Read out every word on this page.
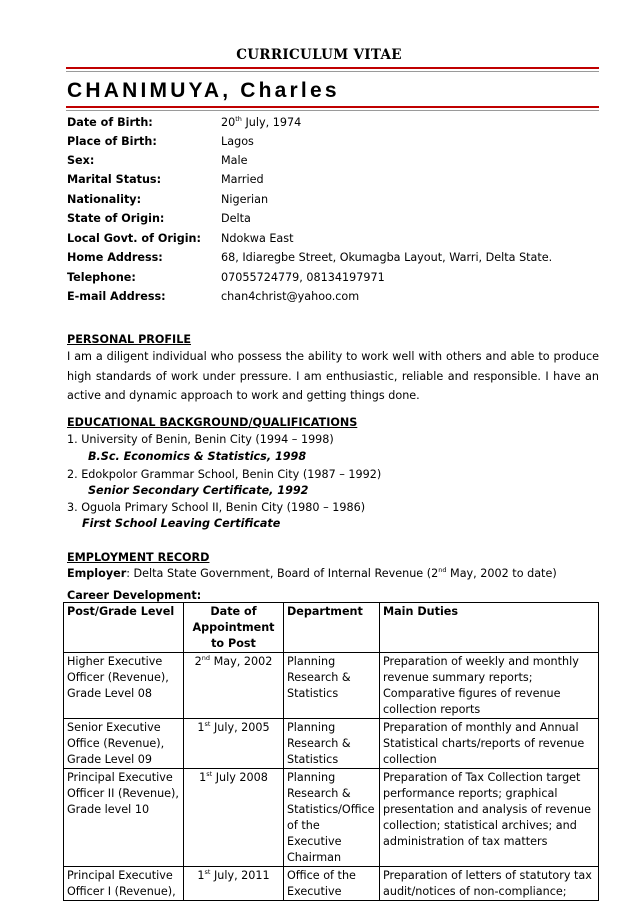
CURRICULUM VITAE
CHANIMUYA, Charles
Date of Birth:	20th July, 1974
Place of Birth:	Lagos
Sex:	Male
Marital Status:	Married
Nationality:	Nigerian
State of Origin:	Delta
Local Govt. of Origin: Ndokwa East
Home Address:	68, Idiaregbe Street, Okumagba Layout, Warri, Delta State.
Telephone:	07055724779, 08134197971
E-mail Address:	chan4christ@yahoo.com
PERSONAL PROFILE
I am a diligent individual who possess the ability to work well with others and able to produce high standards of work under pressure. I am enthusiastic, reliable and responsible. I have an active and dynamic approach to work and getting things done.
EDUCATIONAL BACKGROUND/QUALIFICATIONS
1. University of Benin, Benin City (1994 – 1998)
B.Sc. Economics & Statistics, 1998
2. Edokpolor Grammar School, Benin City (1987 – 1992)
Senior Secondary Certificate, 1992
3. Oguola Primary School II, Benin City (1980 – 1986)
First School Leaving Certificate
EMPLOYMENT RECORD
Employer: Delta State Government, Board of Internal Revenue (2nd May, 2002 to date)
Career Development:
Post/Grade Level	Date of Appointment to Post	Department	Main Duties
Higher Executive Officer (Revenue), Grade Level 08	2nd May, 2002	Planning Research & Statistics	Preparation of weekly and monthly revenue summary reports; Comparative figures of revenue collection reports
Senior Executive Office (Revenue), Grade Level 09	1st July, 2005	Planning Research & Statistics	Preparation of monthly and Annual Statistical charts/reports of revenue collection
Principal Executive Officer II (Revenue), Grade level 10	1st July 2008	Planning Research & Statistics/Office of the Executive Chairman	Preparation of Tax Collection target performance reports; graphical presentation and analysis of revenue collection; statistical archives; and administration of tax matters
Principal Executive Officer I (Revenue),	1st July, 2011	Office of the Executive	Preparation of letters of statutory tax audit/notices of non-compliance;
